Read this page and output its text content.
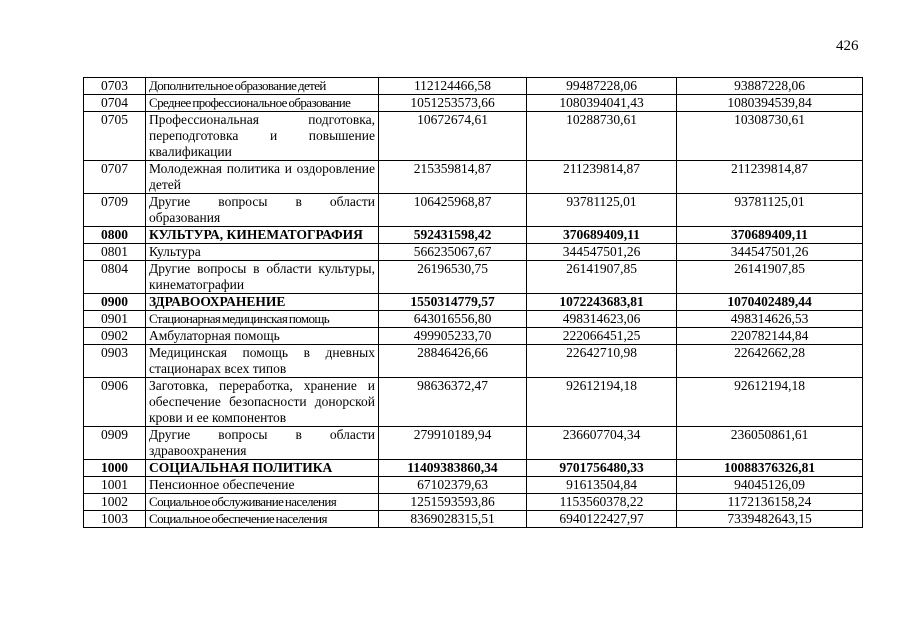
426
0703	Дополнительное образование детей	112124466,58	99487228,06	93887228,06
0704	Среднее профессиональное образование	1051253573,66	1080394041,43	1080394539,84
0705	Профессиональная подготовка, переподготовка и повышение квалификации	10672674,61	10288730,61	10308730,61
0707	Молодежная политика и оздоровление детей	215359814,87	211239814,87	211239814,87
0709	Другие вопросы в области образования	106425968,87	93781125,01	93781125,01
0800	КУЛЬТУРА, КИНЕМАТОГРАФИЯ	592431598,42	370689409,11	370689409,11
0801	Культура	566235067,67	344547501,26	344547501,26
0804	Другие вопросы в области культуры, кинематографии	26196530,75	26141907,85	26141907,85
0900	ЗДРАВООХРАНЕНИЕ	1550314779,57	1072243683,81	1070402489,44
0901	Стационарная медицинская помощь	643016556,80	498314623,06	498314626,53
0902	Амбулаторная помощь	499905233,70	222066451,25	220782144,84
0903	Медицинская помощь в дневных стационарах всех типов	28846426,66	22642710,98	22642662,28
0906	Заготовка, переработка, хранение и обеспечение безопасности донорской крови и ее компонентов	98636372,47	92612194,18	92612194,18
0909	Другие вопросы в области здравоохранения	279910189,94	236607704,34	236050861,61
1000	СОЦИАЛЬНАЯ ПОЛИТИКА	11409383860,34	9701756480,33	10088376326,81
1001	Пенсионное обеспечение	67102379,63	91613504,84	94045126,09
1002	Социальное обслуживание населения	1251593593,86	1153560378,22	1172136158,24
1003	Социальное обеспечение населения	8369028315,51	6940122427,97	7339482643,15
